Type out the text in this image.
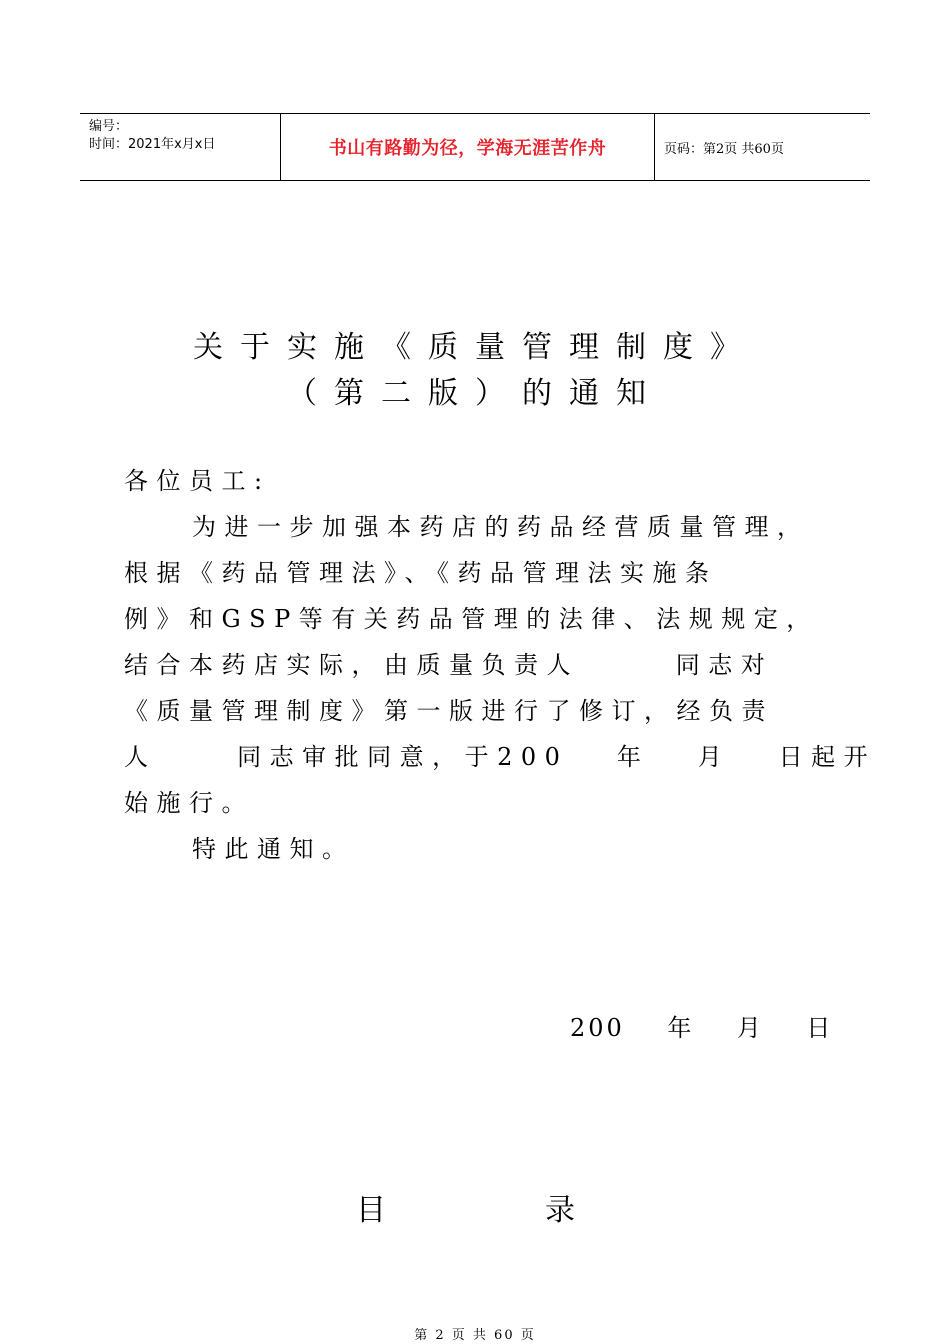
编号：
时间：2021年x月x日	书山有路勤为径，学海无涯苦作舟	页码：第2页 共60页
关于实施《质量管理制度》
（第二版）的通知
各位员工:
为进一步加强本药店的药品经营质量管理，
根据《药品管理法》、《药品管理法实施条
例》和GSP等有关药品管理的法律、法规规定，
结合本药店实际，由质量负责人      同志对
《质量管理制度》第一版进行了修订，经负责
人     同志审批同意，于200   年   月   日起开
始施行。
特此通知。
200    年    月    日
目	录
第 2 页 共 60 页
